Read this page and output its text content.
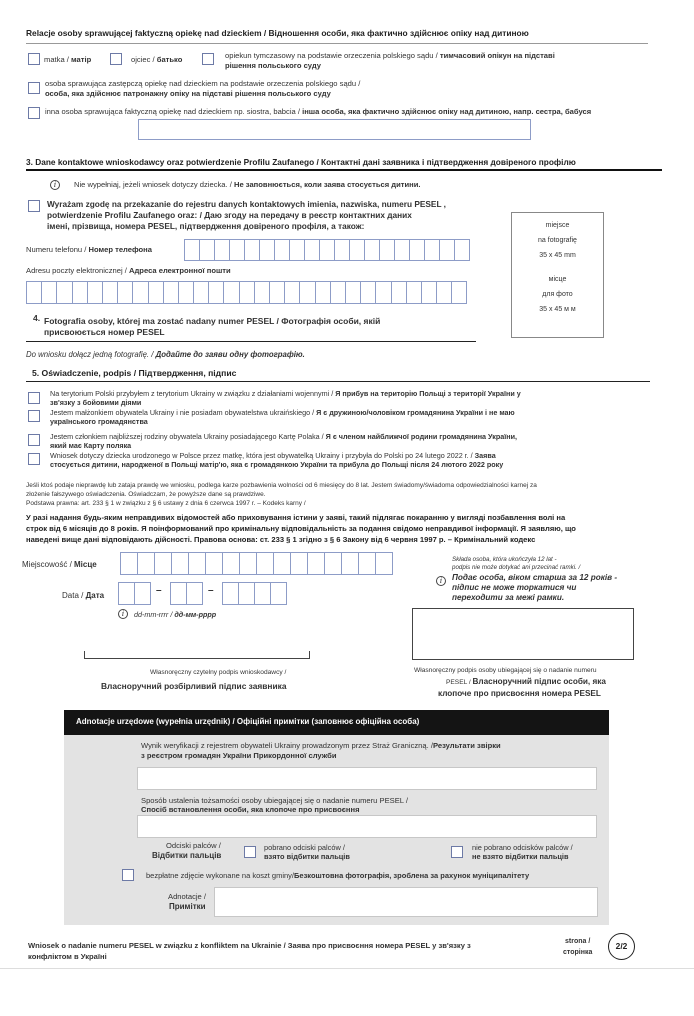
Relacje osoby sprawującej faktyczną opiekę nad dzieckiem / Відношення особи, яка фактично здійснює опіку над дитиною
matka / матір	ojciec / батько	opiekun tymczasowy na podstawie orzeczenia polskiego sądu / тимчасовий опікун на підставі рішення польського суду
osoba sprawująca zastępczą opiekę nad dzieckiem na podstawie orzeczenia polskiego sądu /
особа, яка здійснює патронажну опіку на підставі рішення польського суду
inna osoba sprawująca faktyczną opiekę nad dzieckiem np. siostra, babcia / інша особа, яка фактично здійснює опіку над дитиною, напр. сестра, бабуся
3. Dane kontaktowe wnioskodawcy oraz potwierdzenie Profilu Zaufanego / Контактні дані заявника і підтвердження довіреного профілю
i	Nie wypełniaj, jeżeli wniosek dotyczy dziecka. / Не заповнюється, коли заява стосується дитини.
Wyrażam zgodę na przekazanie do rejestru danych kontaktowych imienia, nazwiska, numeru PESEL ,
potwierdzenie Profilu Zaufanego oraz: / Даю згоду на передачу в реєстр контактних даних
імені, прізвища, номера PESEL, підтвердження довіреного профіля, а також:
Numeru telefonu / Номер телефона
Adresu poczty elektronicznej / Адреса електронної пошти
miejsce
na fotografię
35 x 45 mm
місце
для фото
35 x 45 м м
4. Fotografia osoby, której ma zostać nadany numer PESEL / Фотографія особи, якій
присвоюється номер PESEL
Do wniosku dołącz jedną fotografię. / Додайте до заяви одну фотографію.
5. Oświadczenie, podpis / Підтвердження, підпис
Na terytorium Polski przybyłem z terytorium Ukrainy w związku z działaniami wojennymi / Я прибув на територію Польщі з території України у
зв'язку з бойовими діями
Jestem małżonkiem obywatela Ukrainy i nie posiadam obywatelstwa ukraińskiego / Я є дружиною/чоловіком громадянина України і не маю
українського громадянства
Jestem członkiem najbliższej rodziny obywatela Ukrainy posiadającego Kartę Polaka / Я є членом найближчої родини громадянина України,
який має Карту поляка
Wniosek dotyczy dziecka urodzonego w Polsce przez matkę, która jest obywatelką Ukrainy i przybyła do Polski po 24 lutego 2022 r. / Заява
стосується дитини, народженої в Польщі матір'ю, яка є громадянкою України та прибула до Польщі після 24 лютого 2022 року
Jeśli ktoś podaje nieprawdę lub zataja prawdę we wniosku, podlega karze pozbawienia wolności od 6 miesięcy do 8 lat. Jestem świadomy/świadoma odpowiedzialności karnej za
złożenie fałszywego oświadczenia. Oświadczam, że powyższe dane są prawdziwe.
Podstawa prawna: art. 233 § 1 w związku z § 6 ustawy z dnia 6 czerwca 1997 r. – Kodeks karny /
У разі надання будь-яким неправдивих відомостей або приховування істини у заяві, такий підлягає покаранню у вигляді позбавлення волі на
строк від 6 місяців до 8 років. Я поінформований про кримінальну відповідальність за подання свідомо неправдивої інформації. Я заявляю, що
наведені вище дані відповідають дійсності. Правова основа: ст. 233 § 1 згідно з § 6 Закону від 6 червня 1997 р. – Кримінальний кодекс
Miejscowość / Місце
Data / Дата	–	–
i	dd-mm-rrrr / дд-мм-рррр
i
Składa osoba, która ukończyła 12 lat -
podpis nie może dotykać ani przecinać ramki. /
Подає особа, віком старша за 12 років -
підпис не може торкатися чи
переходити за межі рамки.
Własnoręczny czytelny podpis wnioskodawcy /
Власноручний розбірливий підпис заявника
Własnoręczny podpis osoby ubiegającej się o nadanie numeru
PESEL / Власноручний підпис особи, яка
клопоче про присвоєння номера PESEL
Adnotacje urzędowe (wypełnia urzędnik) / Офіційні примітки (заповнює офіційна особа)
Wynik weryfikacji z rejestrem obywateli Ukrainy prowadzonym przez Straż Graniczną. /Результати звірки
з реєстром громадян України Прикордонної служби
Sposób ustalenia tożsamości osoby ubiegającej się o nadanie numeru PESEL /
Спосіб встановлення особи, яка клопоче про присвоєння
Odciski palców /
Відбитки пальців
pobrano odciski palców /
взято відбитки пальців
nie pobrano odcisków palców /
не взято відбитки пальців
bezpłatne zdjęcie wykonane na koszt gminy/Безкоштовна фотографія, зроблена за рахунок муніципалітету
Adnotacje /
Примітки
Wniosek o nadanie numeru PESEL w związku z konfliktem na Ukrainie / Заява про присвоєння номера PESEL у зв'язку з
конфліктом в Україні
strona /
сторінка
2/2
